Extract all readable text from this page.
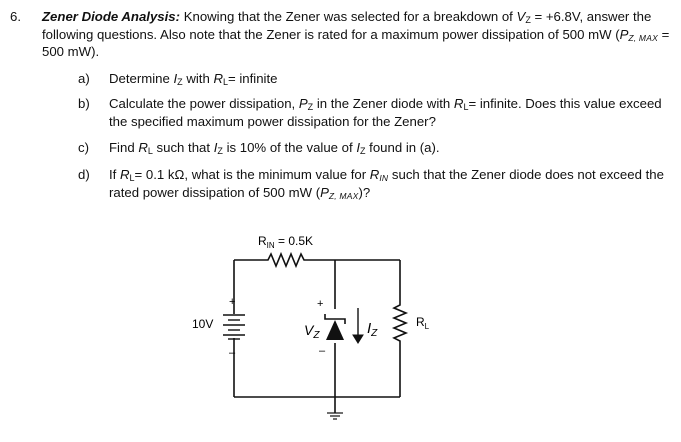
6. Zener Diode Analysis: Knowing that the Zener was selected for a breakdown of $V_Z = +6.8V$, answer the following questions. Also note that the Zener is rated for a maximum power dissipation of 500 mW ($P_{Z, MAX} = 500$ mW).
a) Determine $I_Z$ with $R_L=$ infinite
b) Calculate the power dissipation, $P_Z$ in the Zener diode with $R_L=$ infinite. Does this value exceed the specified maximum power dissipation for the Zener?
c) Find $R_L$ such that $I_Z$ is 10% of the value of $I_Z$ found in (a).
d) If $R_L= 0.1$ kΩ, what is the minimum value for $R_{IN}$ such that the Zener diode does not exceed the rated power dissipation of 500 mW $(P_{Z, MAX})$?
$R_{IN} = 0.5K$
+
10V
–
+
$V_Z$
–
$I_Z$
$R_L$
